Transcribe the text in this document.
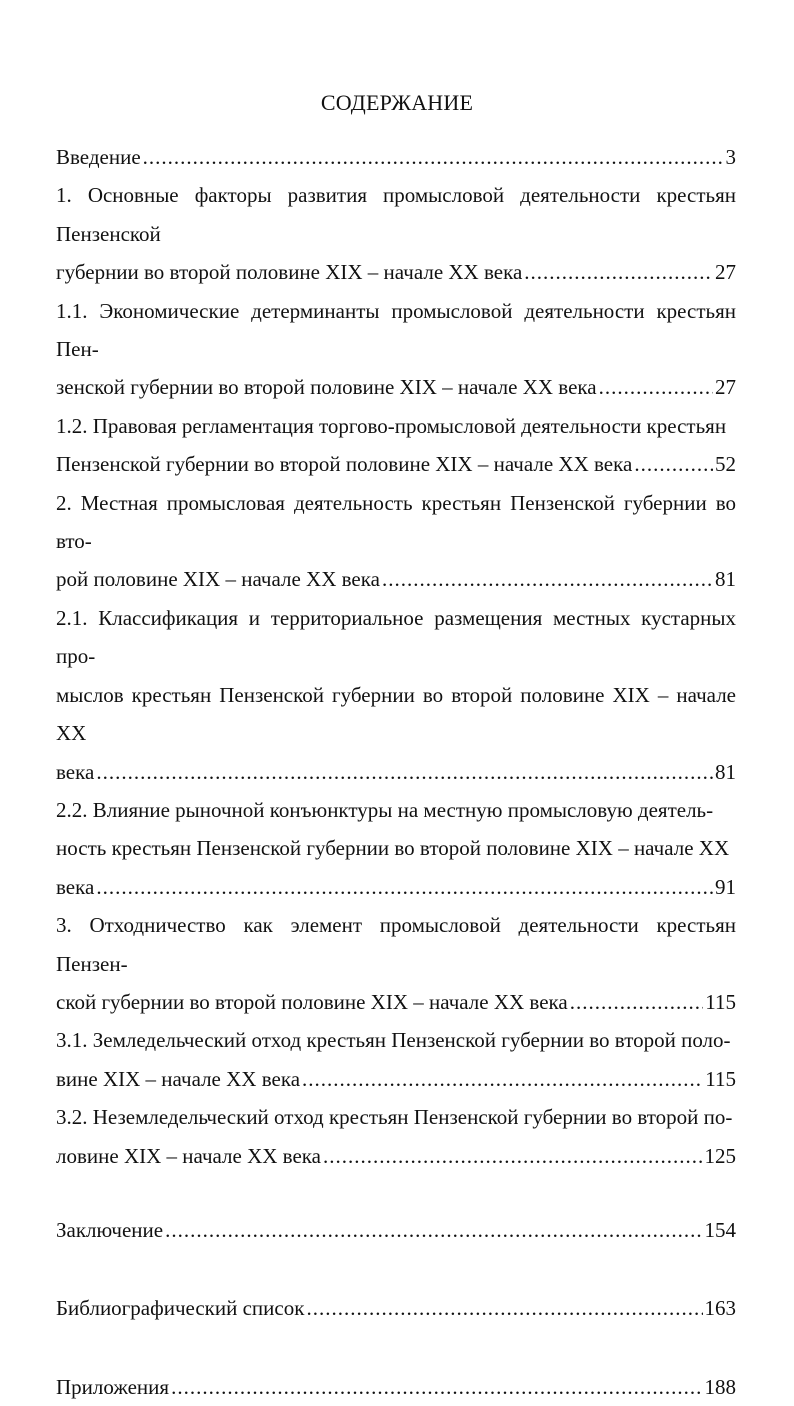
СОДЕРЖАНИЕ
Введение .....	3
1. Основные факторы развития промысловой деятельности крестьян Пензенской
губернии во второй половине XIX – начале XX века .....	27
1.1. Экономические детерминанты промысловой деятельности крестьян Пен-
зенской губернии во второй половине XIX – начале XX века .....	27
1.2. Правовая регламентация торгово-промысловой деятельности крестьян
Пензенской губернии во второй половине XIX – начале XX века .....	52
2. Местная промысловая деятельность крестьян Пензенской губернии во вто-
рой половине XIX – начале XX века .....	81
2.1. Классификация и территориальное размещения местных кустарных про-
мыслов крестьян Пензенской губернии во второй половине XIX – начале XX
века .....	81
2.2. Влияние рыночной конъюнктуры на местную промысловую деятель-
ность крестьян Пензенской губернии во второй половине XIX – начале XX
века .....	91
3. Отходничество как элемент промысловой деятельности крестьян Пензен-
ской губернии во второй половине XIX – начале XX века .....	115
3.1. Земледельческий отход крестьян Пензенской губернии во второй поло-
вине XIX – начале XX века .....	115
3.2. Неземледельческий отход крестьян Пензенской губернии во второй по-
ловине XIX – начале XX века .....	125
Заключение .....	154
Библиографический список .....	163
Приложения .....	188
